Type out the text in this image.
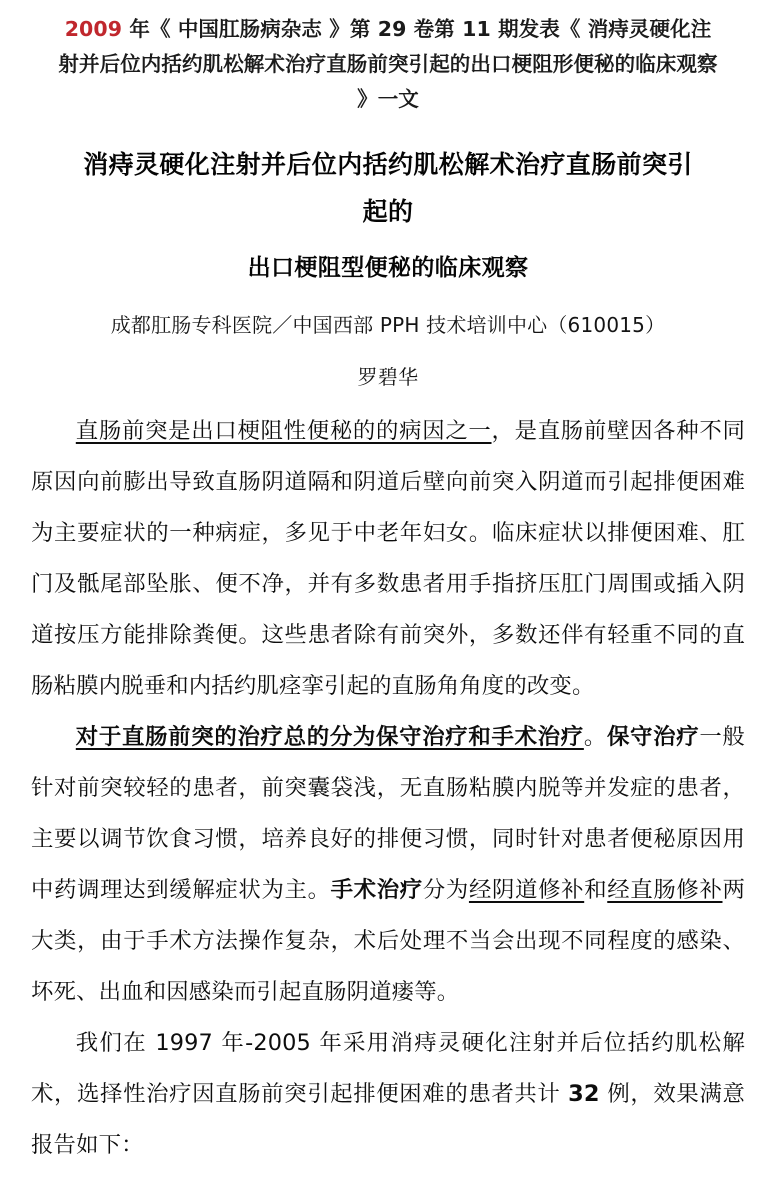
2009 年《 中国肛肠病杂志 》第 29 卷第 11 期发表《 消痔灵硬化注射并后位内括约肌松解术治疗直肠前突引起的出口梗阻形便秘的临床观察 》一文

消痔灵硬化注射并后位内括约肌松解术治疗直肠前突引
起的
出口梗阻型便秘的临床观察

成都肛肠专科医院／中国西部 PPH 技术培训中心（610015）

罗碧华

直肠前突是出口梗阻性便秘的的病因之一，是直肠前壁因各种不同原因向前膨出导致直肠阴道隔和阴道后壁向前突入阴道而引起排便困难为主要症状的一种病症，多见于中老年妇女。临床症状以排便困难、肛门及骶尾部坠胀、便不净，并有多数患者用手指挤压肛门周围或插入阴道按压方能排除粪便。这些患者除有前突外，多数还伴有轻重不同的直肠粘膜内脱垂和内括约肌痉挛引起的直肠角角度的改变。

对于直肠前突的治疗总的分为保守治疗和手术治疗。保守治疗一般针对前突较轻的患者，前突囊袋浅，无直肠粘膜内脱等并发症的患者，主要以调节饮食习惯，培养良好的排便习惯，同时针对患者便秘原因用中药调理达到缓解症状为主。手术治疗分为经阴道修补和经直肠修补两大类，由于手术方法操作复杂，术后处理不当会出现不同程度的感染、坏死、出血和因感染而引起直肠阴道瘘等。

我们在 1997 年-2005 年采用消痔灵硬化注射并后位括约肌松解术，选择性治疗因直肠前突引起排便困难的患者共计 32 例，效果满意报告如下：
